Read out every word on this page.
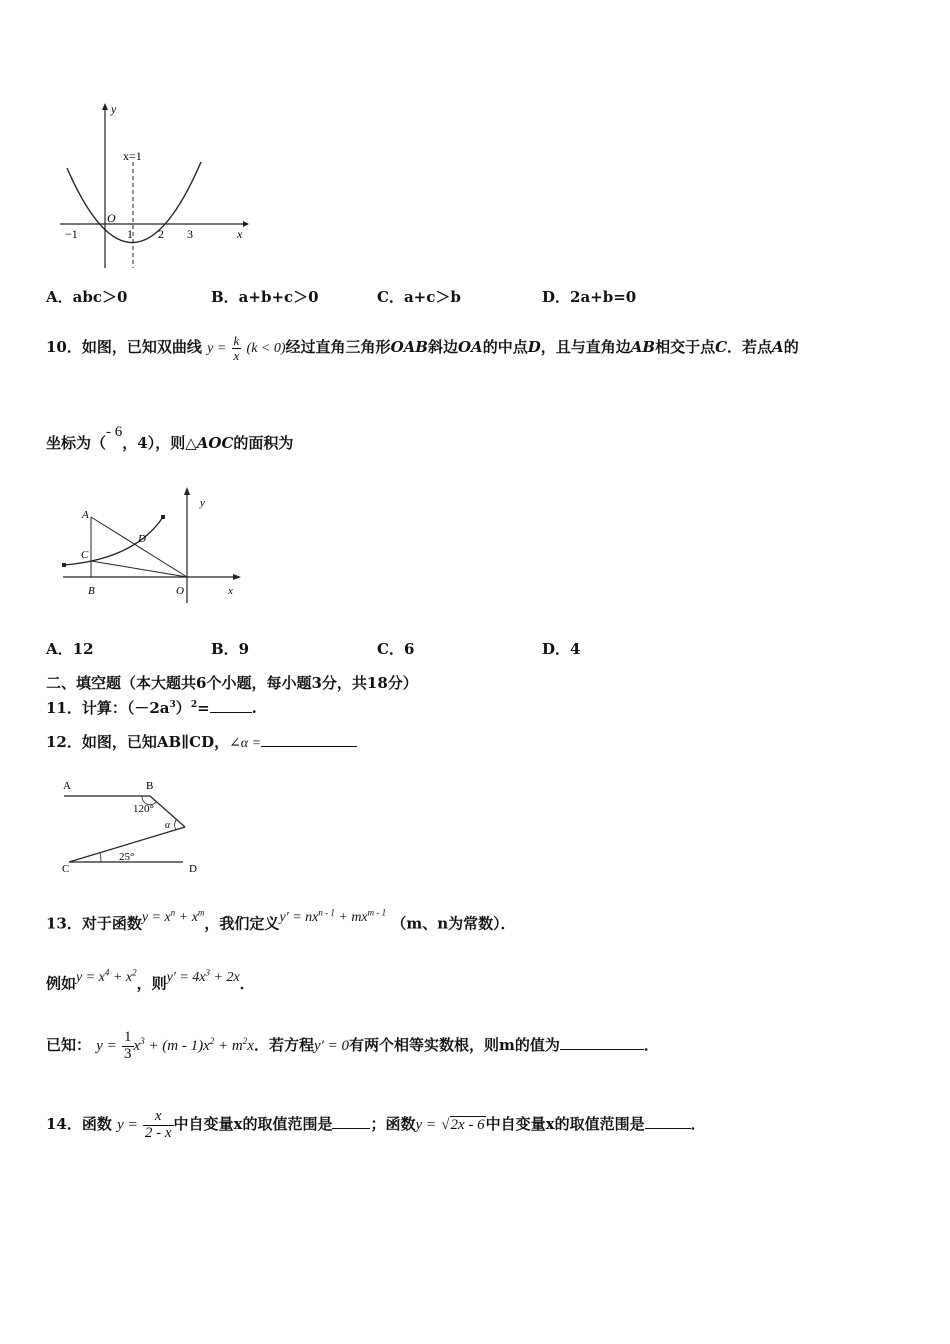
y
x
O
x=1
−1	1 2 3
A．abc＞0	B．a+b+c＞0	C．a+c＞b	D．2a+b=0
10．如图，已知双曲线 $y = \frac{k}{x} (k < 0)$经过直角三角形OAB斜边OA的中点D，且与直角边AB相交于点C．若点A的
坐标为（- 6，4），则△AOC的面积为
A
C
D
B	O	x
y
A．12	B．9	C．6	D．4
二、填空题（本大题共6个小题，每小题3分，共18分）
11．计算：$(-2a^3)^2=$	.
12．如图，已知AB∥CD，∠α =
A	B
C	D
120°
α
25°
13．对于函数$y = x^n + x^m$，我们定义$y' = nx^{n - 1} + mx^{m - 1}$ （m、n为常数）．
例如$y = x^4 + x^2$，则$y' = 4x^3 + 2x$．
已知： $y = \frac{1}{3} x^3 + (m - 1)x^2 + m^2x$．若方程y′ = 0有两个相等实数根，则m的值为	．
14．函数 $y = \frac{x}{2 - x}$ 中自变量x的取值范围是	；函数y = √2x - 6中自变量x的取值范围是	．
